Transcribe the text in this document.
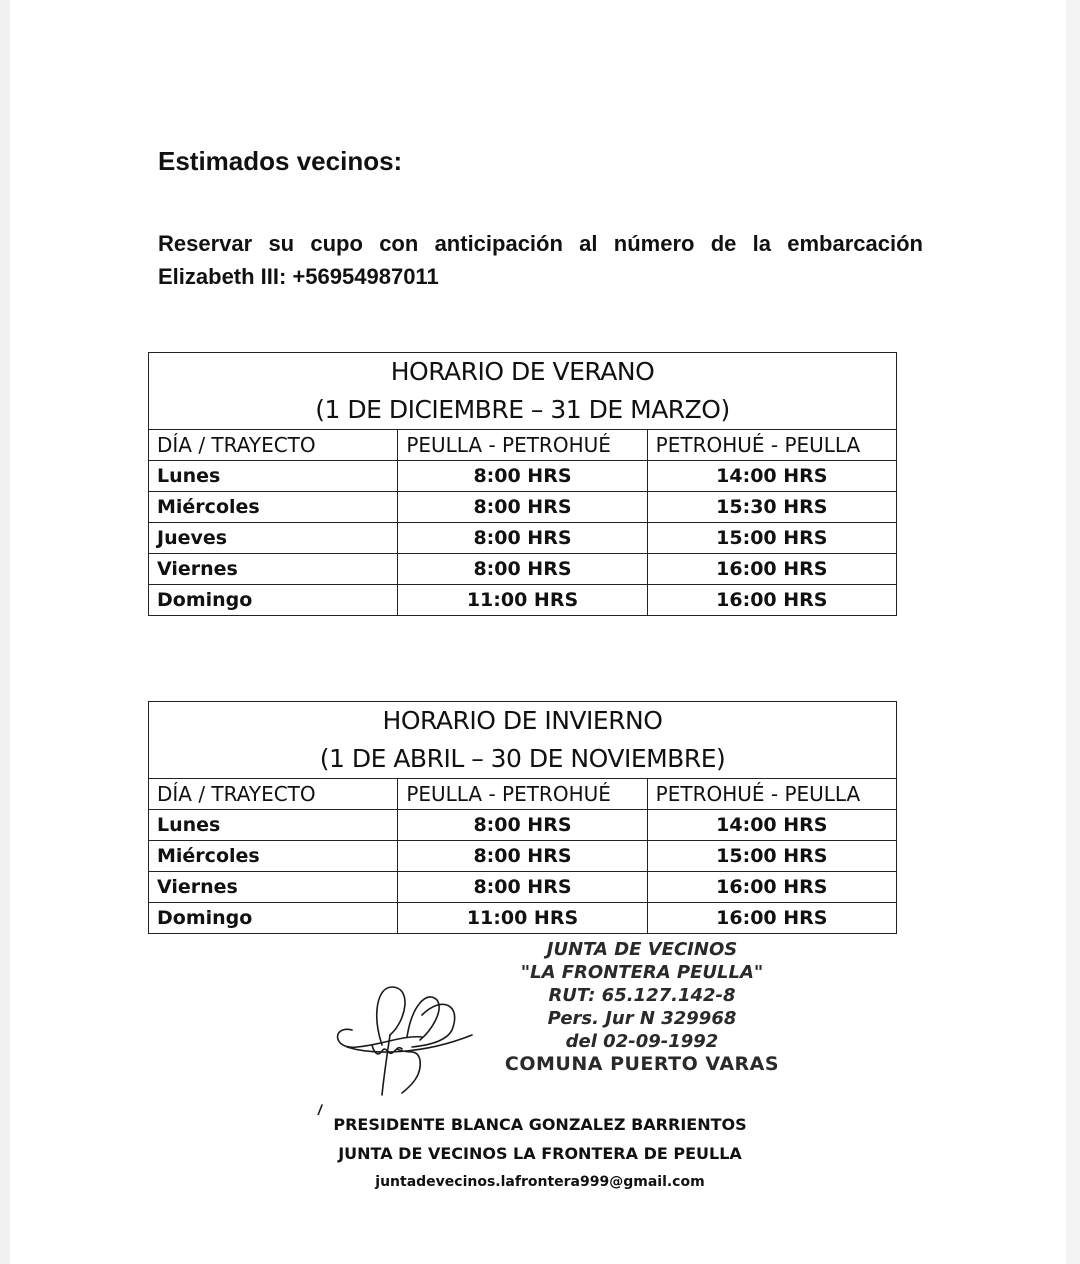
Estimados vecinos:
Reservar su cupo con anticipación al número de la embarcación
Elizabeth III: +56954987011
HORARIO DE VERANO
(1 DE DICIEMBRE – 31 DE MARZO)		

DÍA / TRAYECTO	PEULLA - PETROHUÉ	PETROHUÉ - PEULLA
Lunes	8:00 HRS	14:00 HRS
Miércoles	8:00 HRS	15:30 HRS
Jueves	8:00 HRS	15:00 HRS
Viernes	8:00 HRS	16:00 HRS
Domingo	11:00 HRS	16:00 HRS
HORARIO DE INVIERNO
(1 DE ABRIL – 30 DE NOVIEMBRE)		

DÍA / TRAYECTO	PEULLA - PETROHUÉ	PETROHUÉ - PEULLA
Lunes	8:00 HRS	14:00 HRS
Miércoles	8:00 HRS	15:00 HRS
Viernes	8:00 HRS	16:00 HRS
Domingo	11:00 HRS	16:00 HRS
JUNTA DE VECINOS
"LA FRONTERA PEULLA"
RUT: 65.127.142-8
Pers. Jur N 329968
del 02-09-1992
COMUNA PUERTO VARAS
PRESIDENTE BLANCA GONZALEZ BARRIENTOS
JUNTA DE VECINOS LA FRONTERA DE PEULLA
juntadevecinos.lafrontera999@gmail.com
